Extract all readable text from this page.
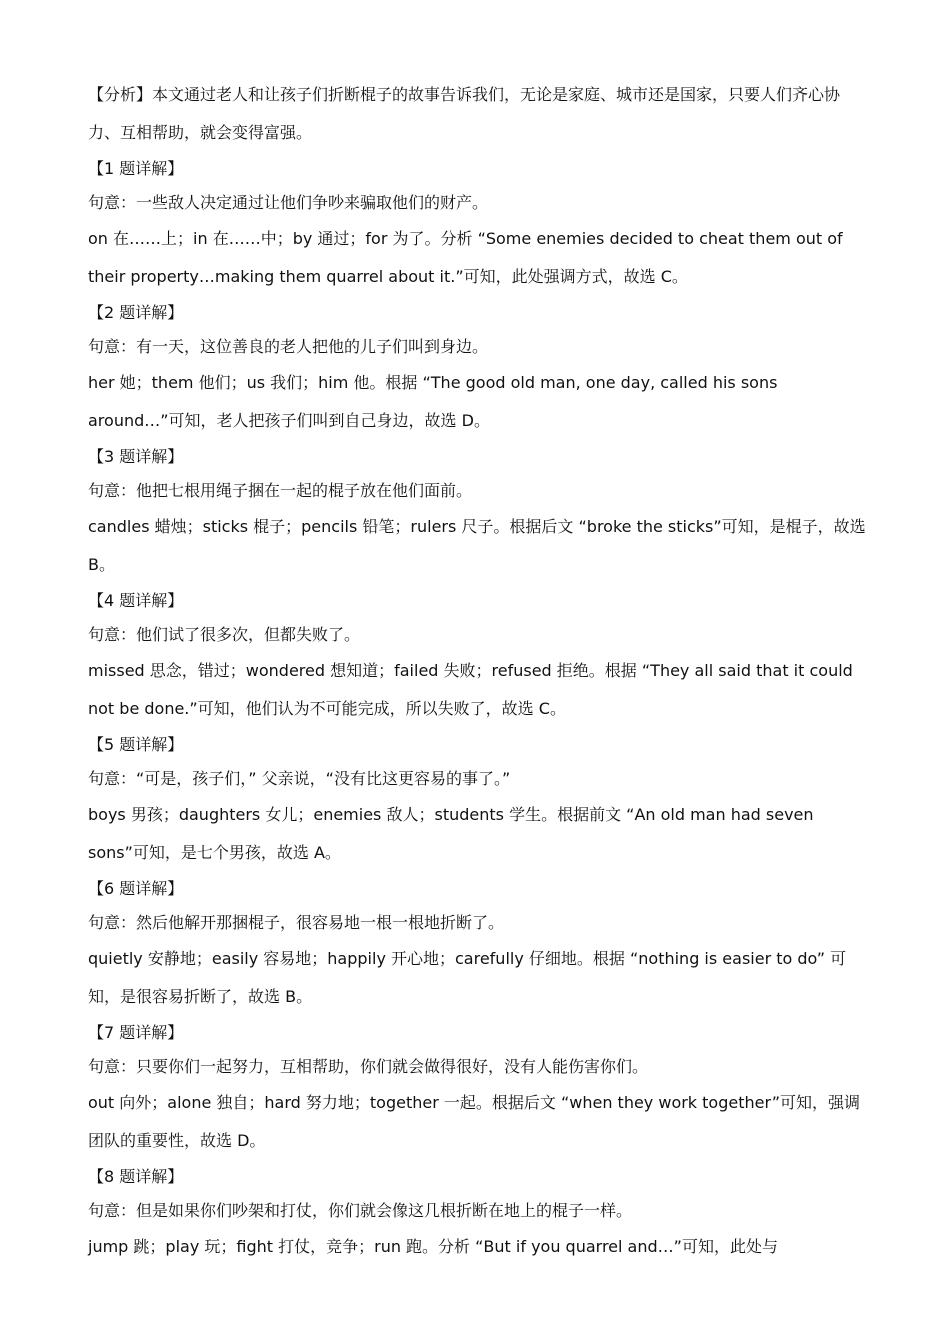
【分析】本文通过老人和让孩子们折断棍子的故事告诉我们，无论是家庭、城市还是国家，只要人们齐心协力、互相帮助，就会变得富强。

【1 题详解】
句意：一些敌人决定通过让他们争吵来骗取他们的财产。

on 在……上；in 在……中；by 通过；for 为了。分析 “Some enemies decided to cheat them out of their property…making them quarrel about it.”可知，此处强调方式，故选 C。

【2 题详解】
句意：有一天，这位善良的老人把他的儿子们叫到身边。

her 她；them 他们；us 我们；him 他。根据 “The good old man, one day, called his sons around…”可知，老人把孩子们叫到自己身边，故选 D。

【3 题详解】
句意：他把七根用绳子捆在一起的棍子放在他们面前。

candles 蜡烛；sticks 棍子；pencils 铅笔；rulers 尺子。根据后文 “broke the sticks”可知，是棍子，故选 B。

【4 题详解】
句意：他们试了很多次，但都失败了。

missed 思念，错过；wondered 想知道；failed 失败；refused 拒绝。根据 “They all said that it could not be done.”可知，他们认为不可能完成，所以失败了，故选 C。

【5 题详解】
句意：“可是，孩子们，” 父亲说，“没有比这更容易的事了。”

boys 男孩；daughters 女儿；enemies 敌人；students 学生。根据前文 “An old man had seven sons”可知，是七个男孩，故选 A。

【6 题详解】
句意：然后他解开那捆棍子，很容易地一根一根地折断了。

quietly 安静地；easily 容易地；happily 开心地；carefully 仔细地。根据 “nothing is easier to do” 可知，是很容易折断了，故选 B。

【7 题详解】
句意：只要你们一起努力，互相帮助，你们就会做得很好，没有人能伤害你们。

out 向外；alone 独自；hard 努力地；together 一起。根据后文 “when they work together”可知，强调团队的重要性，故选 D。

【8 题详解】
句意：但是如果你们吵架和打仗，你们就会像这几根折断在地上的棍子一样。

jump 跳；play 玩；fight 打仗，竞争；run 跑。分析 “But if you quarrel and…”可知，此处与
